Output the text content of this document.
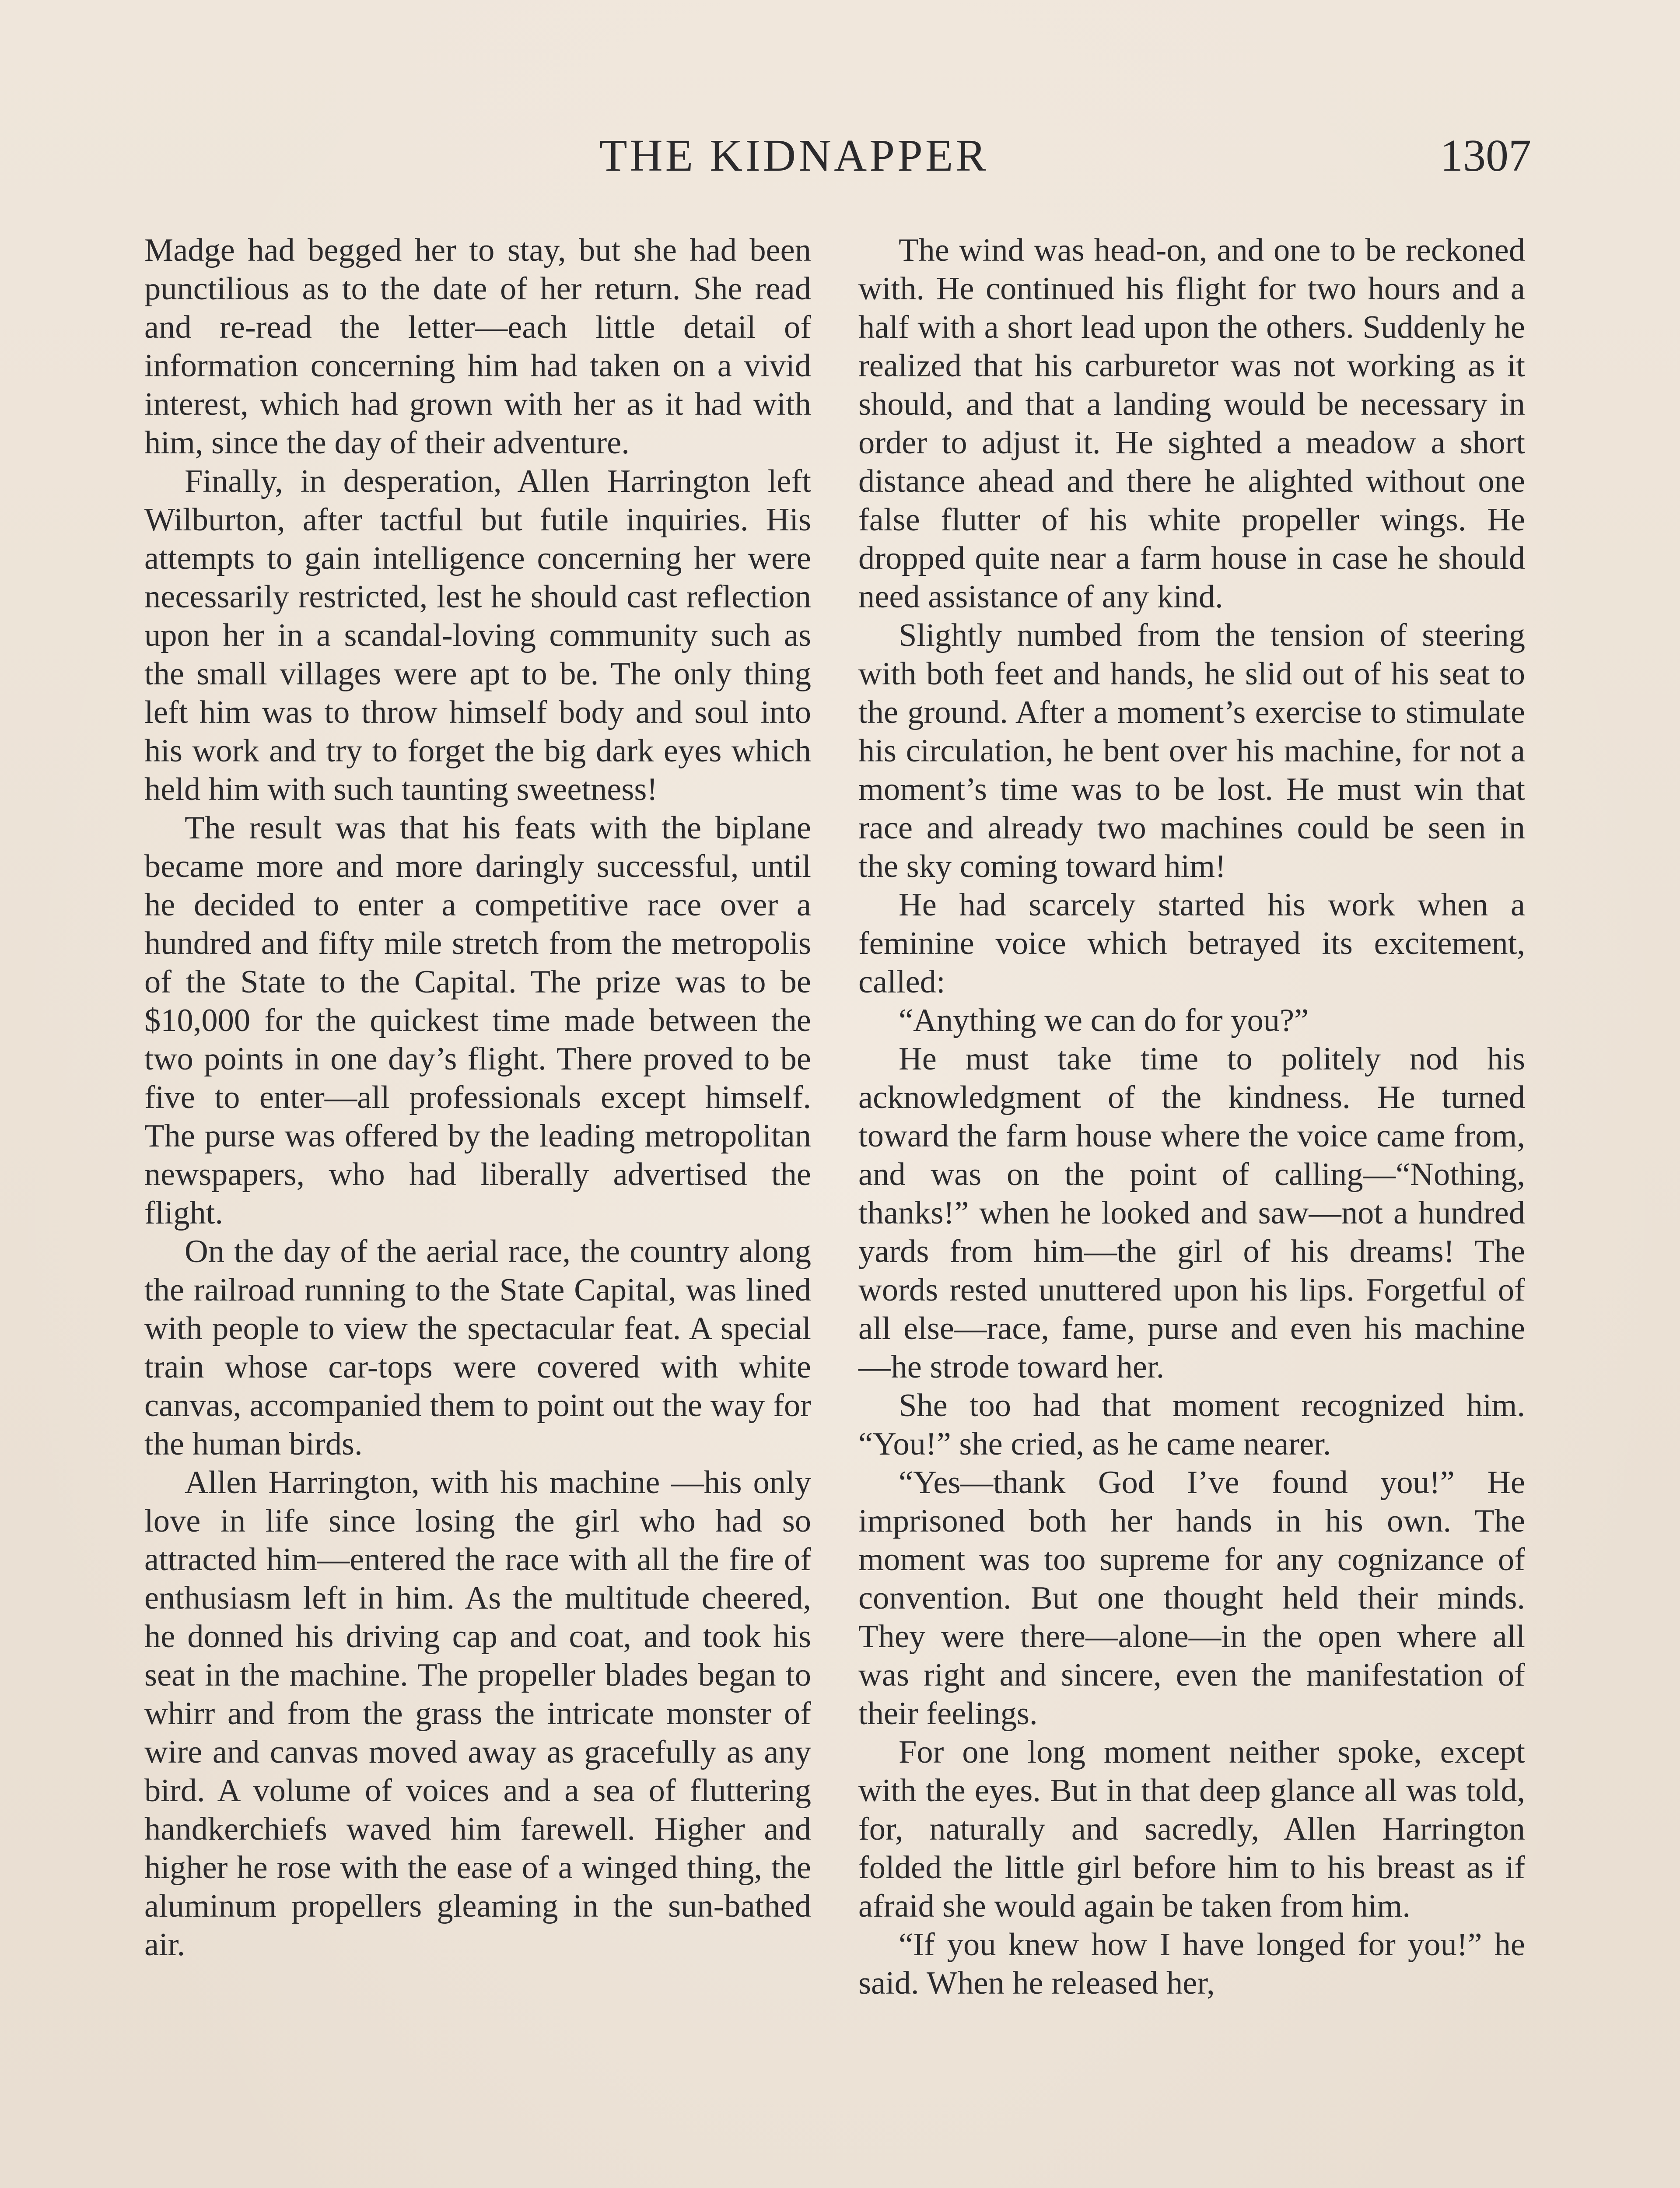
THE KIDNAPPER	1307

Madge had begged her to stay, but she had been punctilious as to the date of her return. She read and re-read the letter—each little detail of information concerning him had taken on a vivid interest, which had grown with her as it had with him, since the day of their adventure.

Finally, in desperation, Allen Harrington left Wilburton, after tactful but futile inquiries. His attempts to gain intelligence concerning her were necessarily restricted, lest he should cast reflection upon her in a scandal-loving community such as the small villages were apt to be. The only thing left him was to throw himself body and soul into his work and try to forget the big dark eyes which held him with such taunting sweetness!

The result was that his feats with the biplane became more and more daringly successful, until he decided to enter a competitive race over a hundred and fifty mile stretch from the metropolis of the State to the Capital. The prize was to be $10,000 for the quickest time made between the two points in one day’s flight. There proved to be five to enter—all professionals except himself. The purse was offered by the leading metropolitan newspapers, who had liberally advertised the flight.

On the day of the aerial race, the country along the railroad running to the State Capital, was lined with people to view the spectacular feat. A special train whose car-tops were covered with white canvas, accompanied them to point out the way for the human birds.

Allen Harrington, with his machine —his only love in life since losing the girl who had so attracted him—entered the race with all the fire of enthusiasm left in him. As the multitude cheered, he donned his driving cap and coat, and took his seat in the machine. The propeller blades began to whirr and from the grass the intricate monster of wire and canvas moved away as gracefully as any bird. A volume of voices and a sea of fluttering handkerchiefs waved him farewell. Higher and higher he rose with the ease of a winged thing, the aluminum propellers gleaming in the sun-bathed air.

The wind was head-on, and one to be reckoned with. He continued his flight for two hours and a half with a short lead upon the others. Suddenly he realized that his carburetor was not working as it should, and that a landing would be necessary in order to adjust it. He sighted a meadow a short distance ahead and there he alighted without one false flutter of his white propeller wings. He dropped quite near a farm house in case he should need assistance of any kind.

Slightly numbed from the tension of steering with both feet and hands, he slid out of his seat to the ground. After a moment’s exercise to stimulate his circulation, he bent over his machine, for not a moment’s time was to be lost. He must win that race and already two machines could be seen in the sky coming toward him!

He had scarcely started his work when a feminine voice which betrayed its excitement, called:

“Anything we can do for you?”

He must take time to politely nod his acknowledgment of the kindness. He turned toward the farm house where the voice came from, and was on the point of calling—“Nothing, thanks!” when he looked and saw—not a hundred yards from him—the girl of his dreams! The words rested unuttered upon his lips. Forgetful of all else—race, fame, purse and even his machine—he strode toward her.

She too had that moment recognized him. “You!” she cried, as he came nearer.

“Yes—thank God I’ve found you!” He imprisoned both her hands in his own. The moment was too supreme for any cognizance of convention. But one thought held their minds. They were there—alone—in the open where all was right and sincere, even the manifestation of their feelings.

For one long moment neither spoke, except with the eyes. But in that deep glance all was told, for, naturally and sacredly, Allen Harrington folded the little girl before him to his breast as if afraid she would again be taken from him.

“If you knew how I have longed for you!” he said. When he released her,
